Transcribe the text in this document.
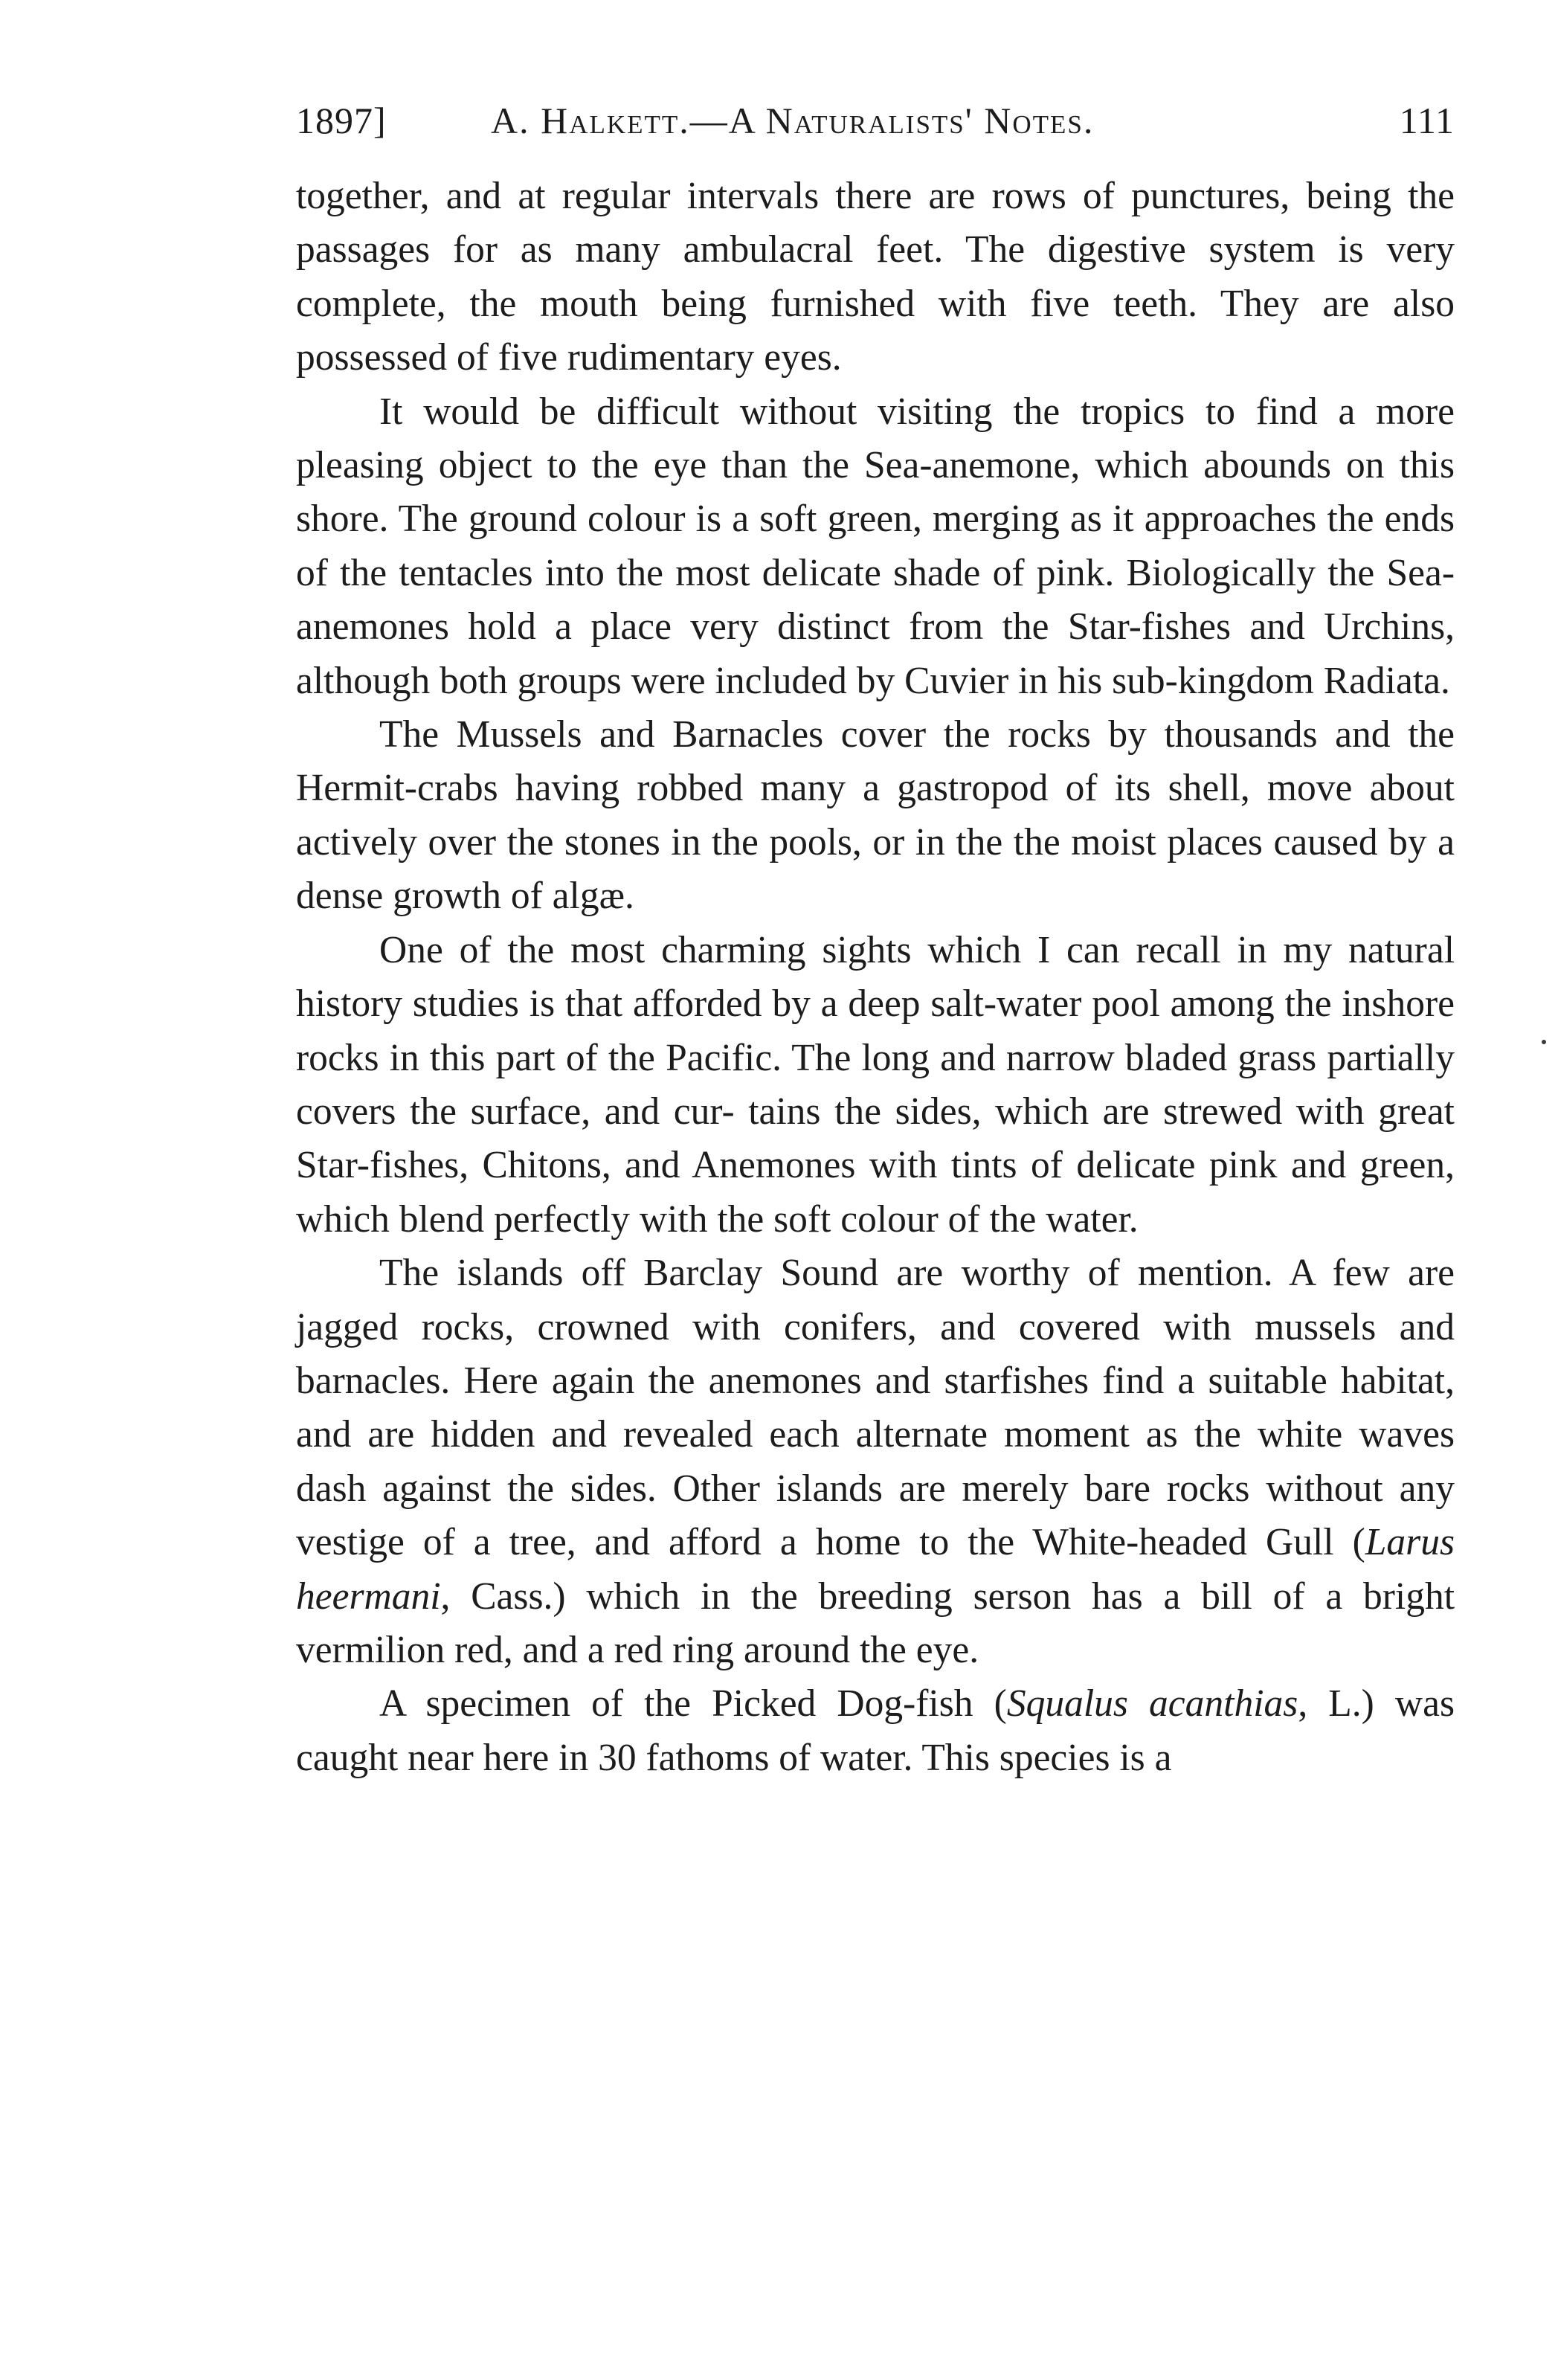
1897]	A. Halkett.—A Naturalists' Notes.	111

together, and at regular intervals there are rows of punctures, being the passages for as many ambulacral feet. The digestive system is very complete, the mouth being furnished with five teeth. They are also possessed of five rudimentary eyes.

It would be difficult without visiting the tropics to find a more pleasing object to the eye than the Sea-anemone, which abounds on this shore. The ground colour is a soft green, merging as it approaches the ends of the tentacles into the most delicate shade of pink. Biologically the Sea-anemones hold a place very distinct from the Star-fishes and Urchins, although both groups were included by Cuvier in his sub-kingdom Radiata.

The Mussels and Barnacles cover the rocks by thousands and the Hermit-crabs having robbed many a gastropod of its shell, move about actively over the stones in the pools, or in the the moist places caused by a dense growth of algæ.

One of the most charming sights which I can recall in my natural history studies is that afforded by a deep salt-water pool among the inshore rocks in this part of the Pacific. The long and narrow bladed grass partially covers the surface, and cur- tains the sides, which are strewed with great Star-fishes, Chitons, and Anemones with tints of delicate pink and green, which blend perfectly with the soft colour of the water.

The islands off Barclay Sound are worthy of mention. A few are jagged rocks, crowned with conifers, and covered with mussels and barnacles. Here again the anemones and starfishes find a suitable habitat, and are hidden and revealed each alternate moment as the white waves dash against the sides. Other islands are merely bare rocks without any vestige of a tree, and afford a home to the White-headed Gull (Larus heermani, Cass.) which in the breeding serson has a bill of a bright vermilion red, and a red ring around the eye.

A specimen of the Picked Dog-fish (Squalus acanthias, L.) was caught near here in 30 fathoms of water. This species is a
